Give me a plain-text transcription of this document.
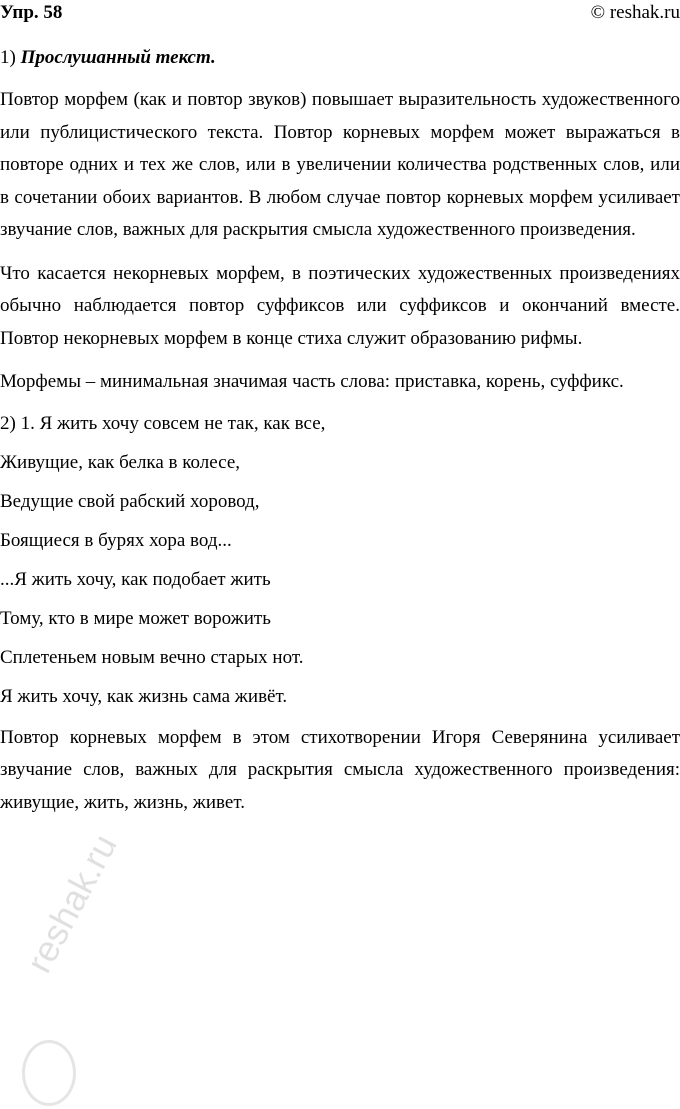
Упр. 58	© reshak.ru
1) Прослушанный текст.

Повтор морфем (как и повтор звуков) повышает выразительность художественного или публицистического текста. Повтор корневых морфем может выражаться в повторе одних и тех же слов, или в увеличении количества родственных слов, или в сочетании обоих вариантов. В любом случае повтор корневых морфем усиливает звучание слов, важных для раскрытия смысла художественного произведения.

Что касается некорневых морфем, в поэтических художественных произведениях обычно наблюдается повтор суффиксов или суффиксов и окончаний вместе. Повтор некорневых морфем в конце стиха служит образованию рифмы.

Морфемы – минимальная значимая часть слова: приставка, корень, суффикс.

2) 1. Я жить хочу совсем не так, как все,

Живущие, как белка в колесе,

Ведущие свой рабский хоровод,

Боящиеся в бурях хора вод...

...Я жить хочу, как подобает жить

Тому, кто в мире может ворожить

Сплетеньем новым вечно старых нот.

Я жить хочу, как жизнь сама живёт.

Повтор корневых морфем в этом стихотворении Игоря Северянина усиливает звучание слов, важных для раскрытия смысла художественного произведения: живущие, жить, жизнь, живет.

reshak.ru
